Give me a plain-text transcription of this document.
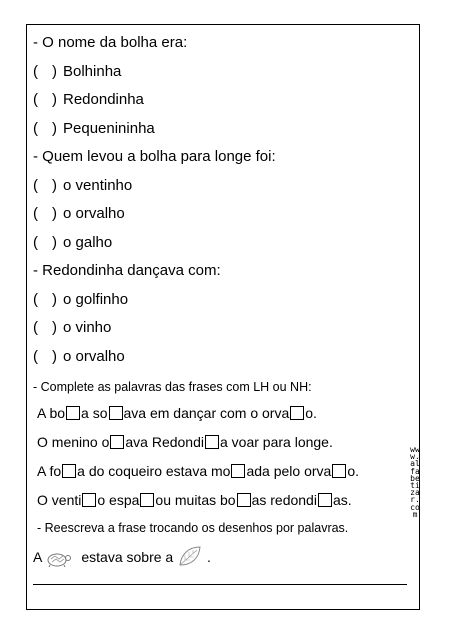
- O nome da bolha era:
( ) Bolhinha
( ) Redondinha
( ) Pequenininha
- Quem levou a bolha para longe foi:
( ) o ventinho
( ) o orvalho
( ) o galho
- Redondinha dançava com:
( ) o golfinho
( ) o vinho
( ) o orvalho
- Complete as palavras das frases com LH ou NH:
A bo a so ava em dançar com o orva o.
O menino o ava Redondi a voar para longe.
A fo a do coqueiro estava mo ada pelo orva o.
O venti o espa ou muitas bo as redondi as.
- Reescreva a frase trocando os desenhos por palavras.
A	estava sobre a .
www.alfabetizar.com
